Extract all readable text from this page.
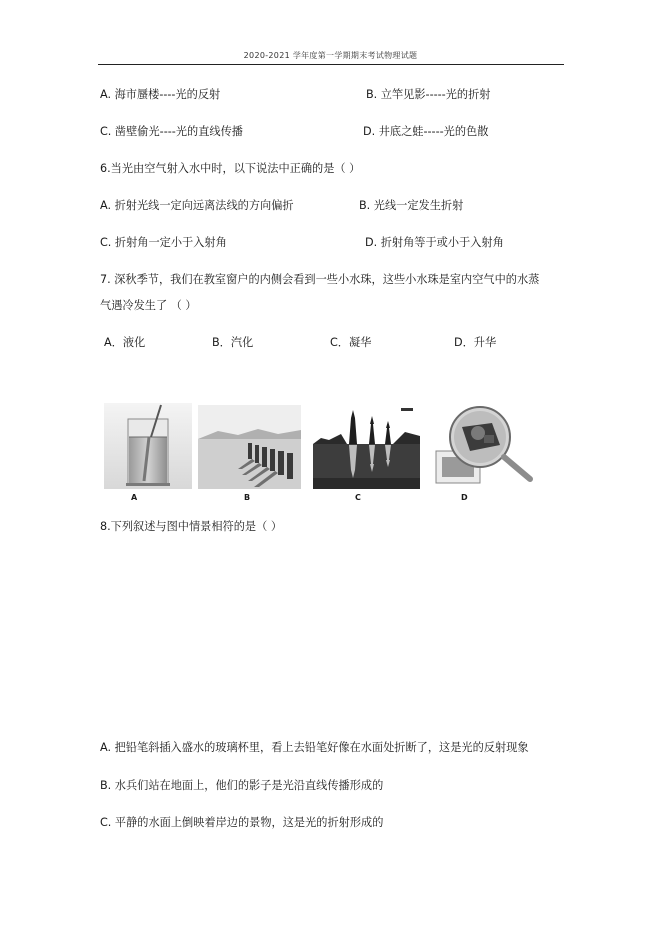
2020-2021 学年度第一学期期末考试物理试题
A. 海市蜃楼----光的反射	B. 立竿见影-----光的折射
C. 凿壁偷光----光的直线传播	D. 井底之蛙-----光的色散
6.当光由空气射入水中时，以下说法中正确的是（ ）
A. 折射光线一定向远离法线的方向偏折	B. 光线一定发生折射
C. 折射角一定小于入射角	D. 折射角等于或小于入射角
7. 深秋季节，我们在教室窗户的内侧会看到一些小水珠，这些小水珠是室内空气中的水蒸
气遇冷发生了 （ ）
A．液化	B．汽化	C．凝华	D．升华
A	B	C	D
8.下列叙述与图中情景相符的是（ ）
A. 把铅笔斜插入盛水的玻璃杯里，看上去铅笔好像在水面处折断了，这是光的反射现象
B. 水兵们站在地面上，他们的影子是光沿直线传播形成的
C. 平静的水面上倒映着岸边的景物，这是光的折射形成的
